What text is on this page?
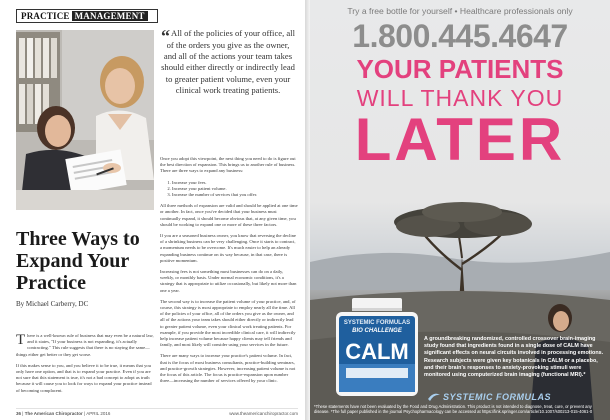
PRACTICE MANAGEMENT
“All of the policies of your office, all of the orders you give as the owner, and all of the actions your team takes should either directly or indirectly lead to greater patient volume, even your clinical work treating patients.

Once you adopt this viewpoint, the next thing you need to do is figure out the best direction of expansion. This brings us to another rule of business. There are three ways to expand any business:

1. Increase your fees.
2. Increase your patient volume.
3. Increase the number of services that you offer.

All three methods of expansion are valid and should be applied at one time or another. In fact, once you've decided that your business must continually expand, it should become obvious that, at any given time, you should be working to expand one or more of these three factors.

If you are a seasoned business owner, you know that reversing the decline of a shrinking business can be very challenging. Once it starts to contract, a momentum needs to be overcome. It's much easier to help an already expanding business continue on its way because, in that case, there is positive momentum.

Increasing fees is not something most businesses can do on a daily, weekly, or monthly basis. Under normal economic conditions, it's a strategy that is appropriate to utilize occasionally, but likely not more than one a year.

The second way is to increase the patient volume of your practice, and, of course, this strategy is most appropriate to employ nearly all the time. All of the policies of your office, all of the orders you give as the owner, and all of the actions your team takes should either directly or indirectly lead to greater patient volume, even your clinical work treating patients. For example, if you provide the most incredible clinical care, it will indirectly help increase patient volume because happy clients may tell friends and family, and most likely will consider using your services in the future.

There are many ways to increase your practice's patient volume. In fact, that is the focus of most business consultants, practice-building seminars, and practice-growth strategies. However, increasing patient volume is not the focus of this article. The focus is practice-expansion upon number three—increasing the number of services offered by your clinic.

Three Ways to Expand Your Practice
By Michael Carberry, DC

There is a well-known rule of business that may even be a natural law, and it states, "If your business is not expanding, it's actually contracting." This rule suggests that there is no staying the same—things either get better or they get worse.

If this makes sense to you, and you believe it to be true, it means that you only have one option, and that is to expand your practice. Even if you are not sure that this statement is true, it's not a bad concept to adopt as truth because it will cause you to look for ways to expand your practice instead of becoming complacent.

36 | The American Chiropractor | APRIL 2016	www.theamericanchiropractor.com
Try a free bottle for yourself • Healthcare professionals only
1.800.445.4647
YOUR PATIENTS
WILL THANK YOU
LATER
SYSTEMIC FORMULAS
BIO CHALLENGE
CALM	A groundbreaking randomized, controlled crossover brain-imaging study found that ingredients found in a single dose of CALM have significant effects on neural circuits involved in processing emotions. Research subjects were given key botanicals in CALM or a placebo, and their brain's responses to anxiety-provoking stimuli were monitored using computerized brain imaging (functional MRI).*
SYSTEMIC FORMULAS
*These statements have not been evaluated by the Food and Drug Administration. This product is not intended to diagnose, treat, cure, or prevent any disease. *The full paper published in the journal Psychopharmacology can be accessed at https://link.springer.com/article/10.1007/s00213-015-4061-0
